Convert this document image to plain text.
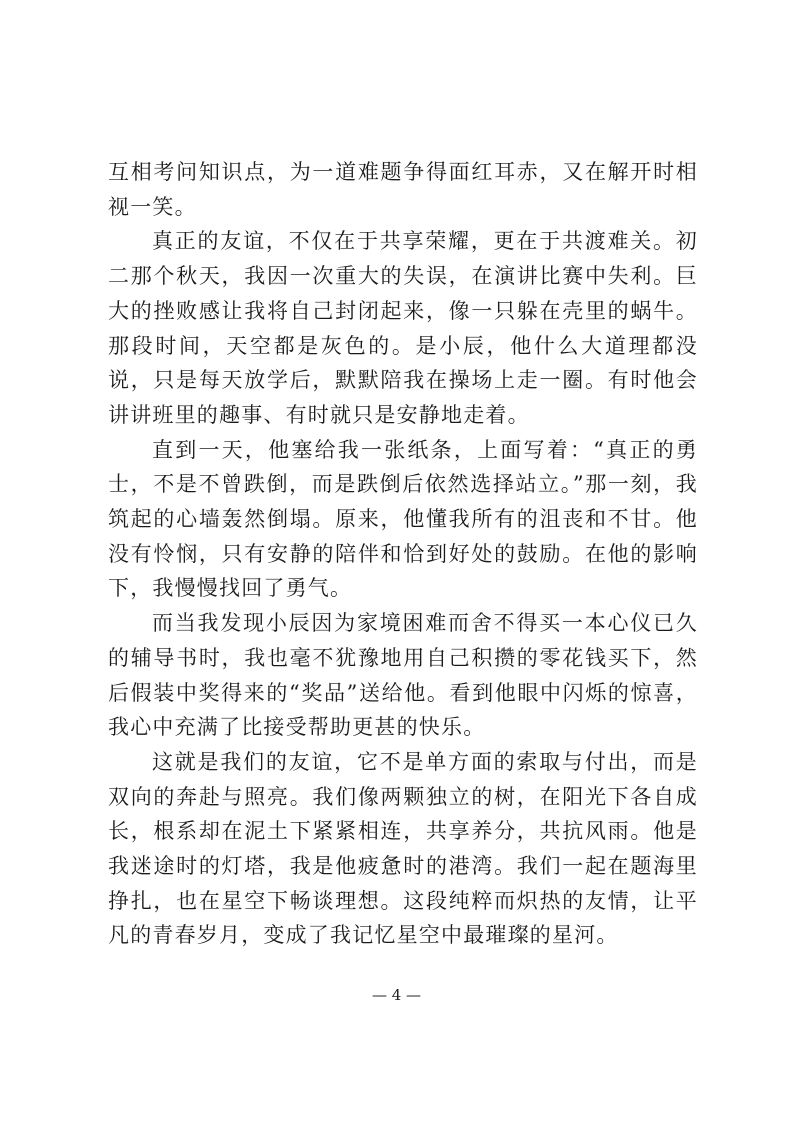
互相考问知识点，为一道难题争得面红耳赤，又在解开时相视一笑。

真正的友谊，不仅在于共享荣耀，更在于共渡难关。初二那个秋天，我因一次重大的失误，在演讲比赛中失利。巨大的挫败感让我将自己封闭起来，像一只躲在壳里的蜗牛。那段时间，天空都是灰色的。是小辰，他什么大道理都没说，只是每天放学后，默默陪我在操场上走一圈。有时他会讲讲班里的趣事、有时就只是安静地走着。

直到一天，他塞给我一张纸条，上面写着：“真正的勇士，不是不曾跌倒，而是跌倒后依然选择站立。”那一刻，我筑起的心墙轰然倒塌。原来，他懂我所有的沮丧和不甘。他没有怜悯，只有安静的陪伴和恰到好处的鼓励。在他的影响下，我慢慢找回了勇气。

而当我发现小辰因为家境困难而舍不得买一本心仪已久的辅导书时，我也毫不犹豫地用自己积攒的零花钱买下，然后假装中奖得来的“奖品”送给他。看到他眼中闪烁的惊喜，我心中充满了比接受帮助更甚的快乐。

这就是我们的友谊，它不是单方面的索取与付出，而是双向的奔赴与照亮。我们像两颗独立的树，在阳光下各自成长，根系却在泥土下紧紧相连，共享养分，共抗风雨。他是我迷途时的灯塔，我是他疲惫时的港湾。我们一起在题海里挣扎，也在星空下畅谈理想。这段纯粹而炽热的友情，让平凡的青春岁月，变成了我记忆星空中最璀璨的星河。

— 4 —
